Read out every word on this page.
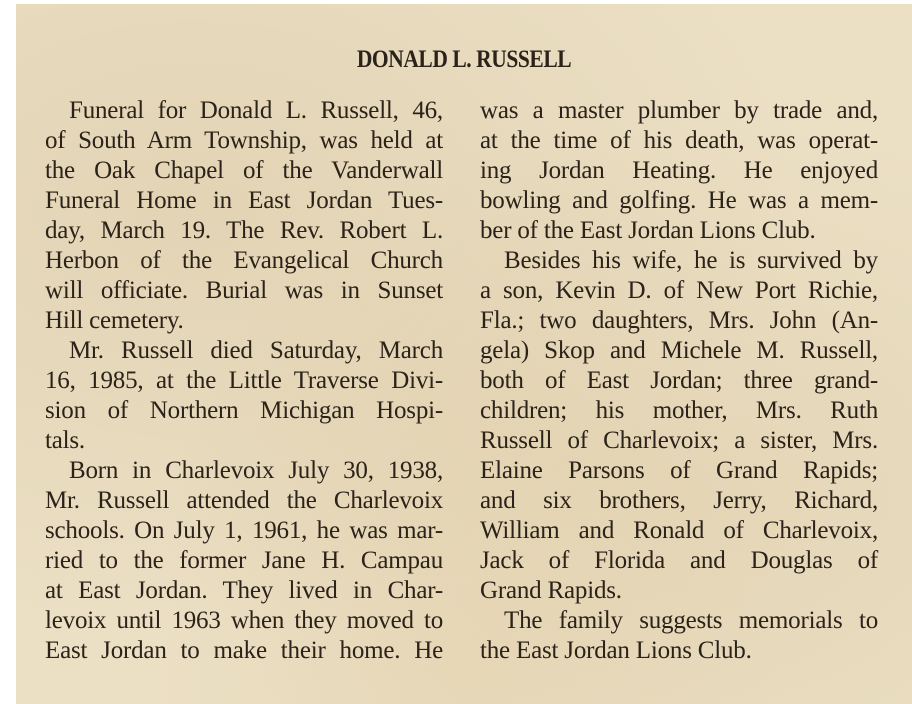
DONALD L. RUSSELL
Funeral for Donald L. Russell, 46,
of South Arm Township, was held at
the Oak Chapel of the Vanderwall
Funeral Home in East Jordan Tues-
day, March 19. The Rev. Robert L.
Herbon of the Evangelical Church
will officiate. Burial was in Sunset
Hill cemetery.
Mr. Russell died Saturday, March
16, 1985, at the Little Traverse Divi-
sion of Northern Michigan Hospi-
tals.
Born in Charlevoix July 30, 1938,
Mr. Russell attended the Charlevoix
schools. On July 1, 1961, he was mar-
ried to the former Jane H. Campau
at East Jordan. They lived in Char-
levoix until 1963 when they moved to
East Jordan to make their home. He
was a master plumber by trade and,
at the time of his death, was operat-
ing Jordan Heating. He enjoyed
bowling and golfing. He was a mem-
ber of the East Jordan Lions Club.
Besides his wife, he is survived by
a son, Kevin D. of New Port Richie,
Fla.; two daughters, Mrs. John (An-
gela) Skop and Michele M. Russell,
both of East Jordan; three grand-
children; his mother, Mrs. Ruth
Russell of Charlevoix; a sister, Mrs.
Elaine Parsons of Grand Rapids;
and six brothers, Jerry, Richard,
William and Ronald of Charlevoix,
Jack of Florida and Douglas of
Grand Rapids.
The family suggests memorials to
the East Jordan Lions Club.
